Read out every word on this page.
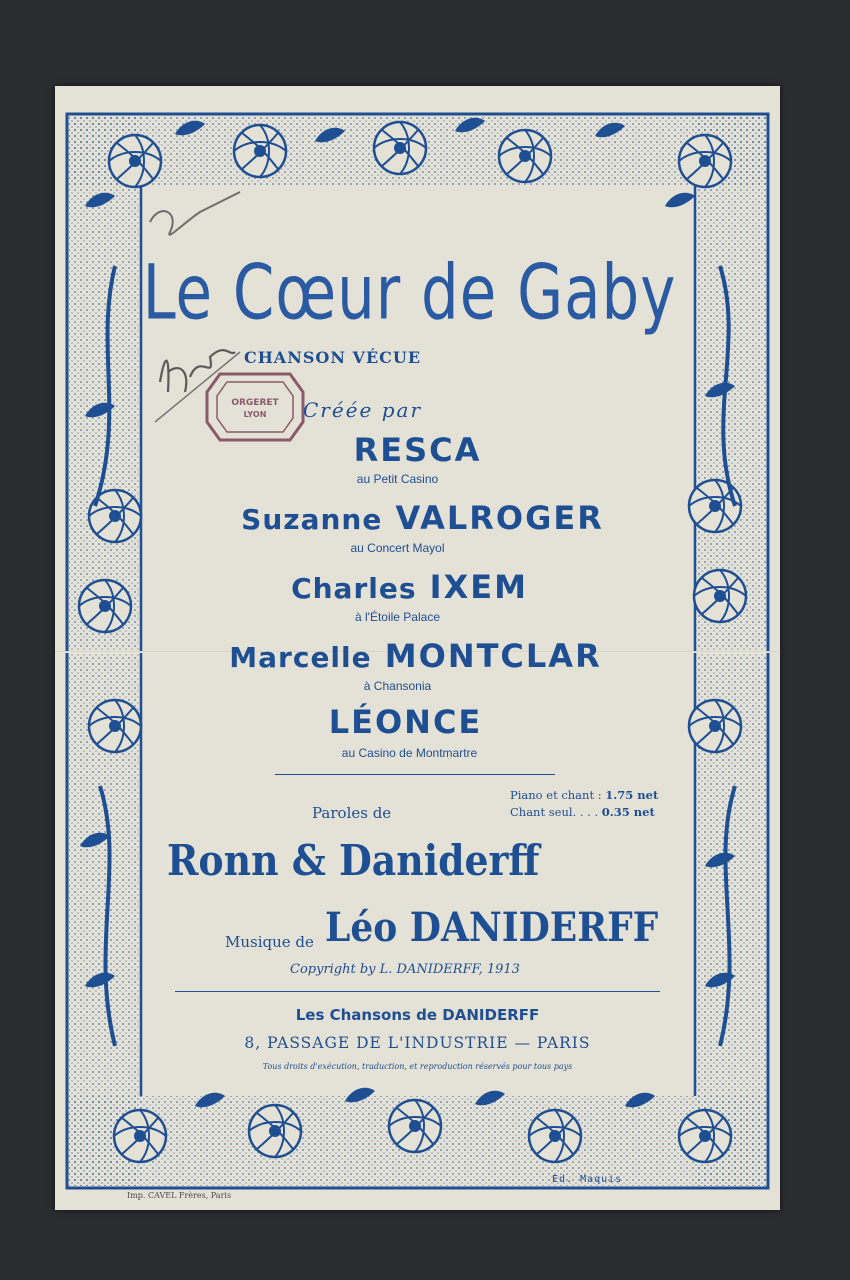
ORGERET
LYON
Le Cœur de Gaby
CHANSON VÉCUE
Créée par
RESCA
au Petit Casino
Suzanne VALROGER
au Concert Mayol
Charles IXEM
à l'Étoile Palace
Marcelle MONTCLAR
à Chansonia
LÉONCE
au Casino de Montmartre
Paroles de
Piano et chant : 1.75 net
Chant seul. . . . 0.35 net
Ronn & Daniderff
Musique de Léo DANIDERFF
Copyright by L. DANIDERFF, 1913
Les Chansons de DANIDERFF
8, PASSAGE DE L'INDUSTRIE — PARIS
Tous droits d'exécution, traduction, et reproduction réservés pour tous pays
Imp. CAVEL Frères, Paris
Ed. Maquis
